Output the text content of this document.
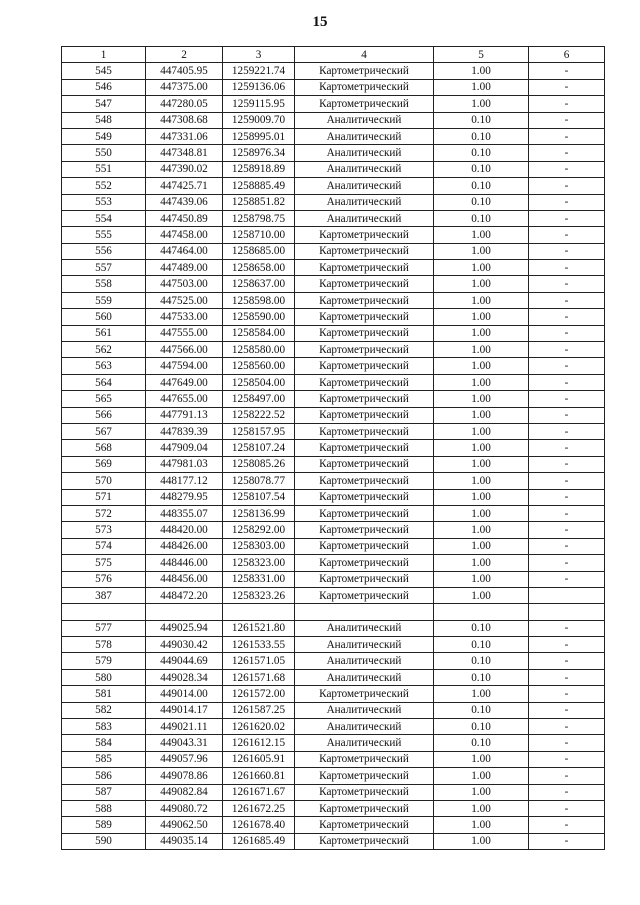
15
1	2	3	4	5	6
545	447405.95	1259221.74	Картометрический	1.00	-
546	447375.00	1259136.06	Картометрический	1.00	-
547	447280.05	1259115.95	Картометрический	1.00	-
548	447308.68	1259009.70	Аналитический	0.10	-
549	447331.06	1258995.01	Аналитический	0.10	-
550	447348.81	1258976.34	Аналитический	0.10	-
551	447390.02	1258918.89	Аналитический	0.10	-
552	447425.71	1258885.49	Аналитический	0.10	-
553	447439.06	1258851.82	Аналитический	0.10	-
554	447450.89	1258798.75	Аналитический	0.10	-
555	447458.00	1258710.00	Картометрический	1.00	-
556	447464.00	1258685.00	Картометрический	1.00	-
557	447489.00	1258658.00	Картометрический	1.00	-
558	447503.00	1258637.00	Картометрический	1.00	-
559	447525.00	1258598.00	Картометрический	1.00	-
560	447533.00	1258590.00	Картометрический	1.00	-
561	447555.00	1258584.00	Картометрический	1.00	-
562	447566.00	1258580.00	Картометрический	1.00	-
563	447594.00	1258560.00	Картометрический	1.00	-
564	447649.00	1258504.00	Картометрический	1.00	-
565	447655.00	1258497.00	Картометрический	1.00	-
566	447791.13	1258222.52	Картометрический	1.00	-
567	447839.39	1258157.95	Картометрический	1.00	-
568	447909.04	1258107.24	Картометрический	1.00	-
569	447981.03	1258085.26	Картометрический	1.00	-
570	448177.12	1258078.77	Картометрический	1.00	-
571	448279.95	1258107.54	Картометрический	1.00	-
572	448355.07	1258136.99	Картометрический	1.00	-
573	448420.00	1258292.00	Картометрический	1.00	-
574	448426.00	1258303.00	Картометрический	1.00	-
575	448446.00	1258323.00	Картометрический	1.00	-
576	448456.00	1258331.00	Картометрический	1.00	-
387	448472.20	1258323.26	Картометрический	1.00	

577	449025.94	1261521.80	Аналитический	0.10	-
578	449030.42	1261533.55	Аналитический	0.10	-
579	449044.69	1261571.05	Аналитический	0.10	-
580	449028.34	1261571.68	Аналитический	0.10	-
581	449014.00	1261572.00	Картометрический	1.00	-
582	449014.17	1261587.25	Аналитический	0.10	-
583	449021.11	1261620.02	Аналитический	0.10	-
584	449043.31	1261612.15	Аналитический	0.10	-
585	449057.96	1261605.91	Картометрический	1.00	-
586	449078.86	1261660.81	Картометрический	1.00	-
587	449082.84	1261671.67	Картометрический	1.00	-
588	449080.72	1261672.25	Картометрический	1.00	-
589	449062.50	1261678.40	Картометрический	1.00	-
590	449035.14	1261685.49	Картометрический	1.00	-
